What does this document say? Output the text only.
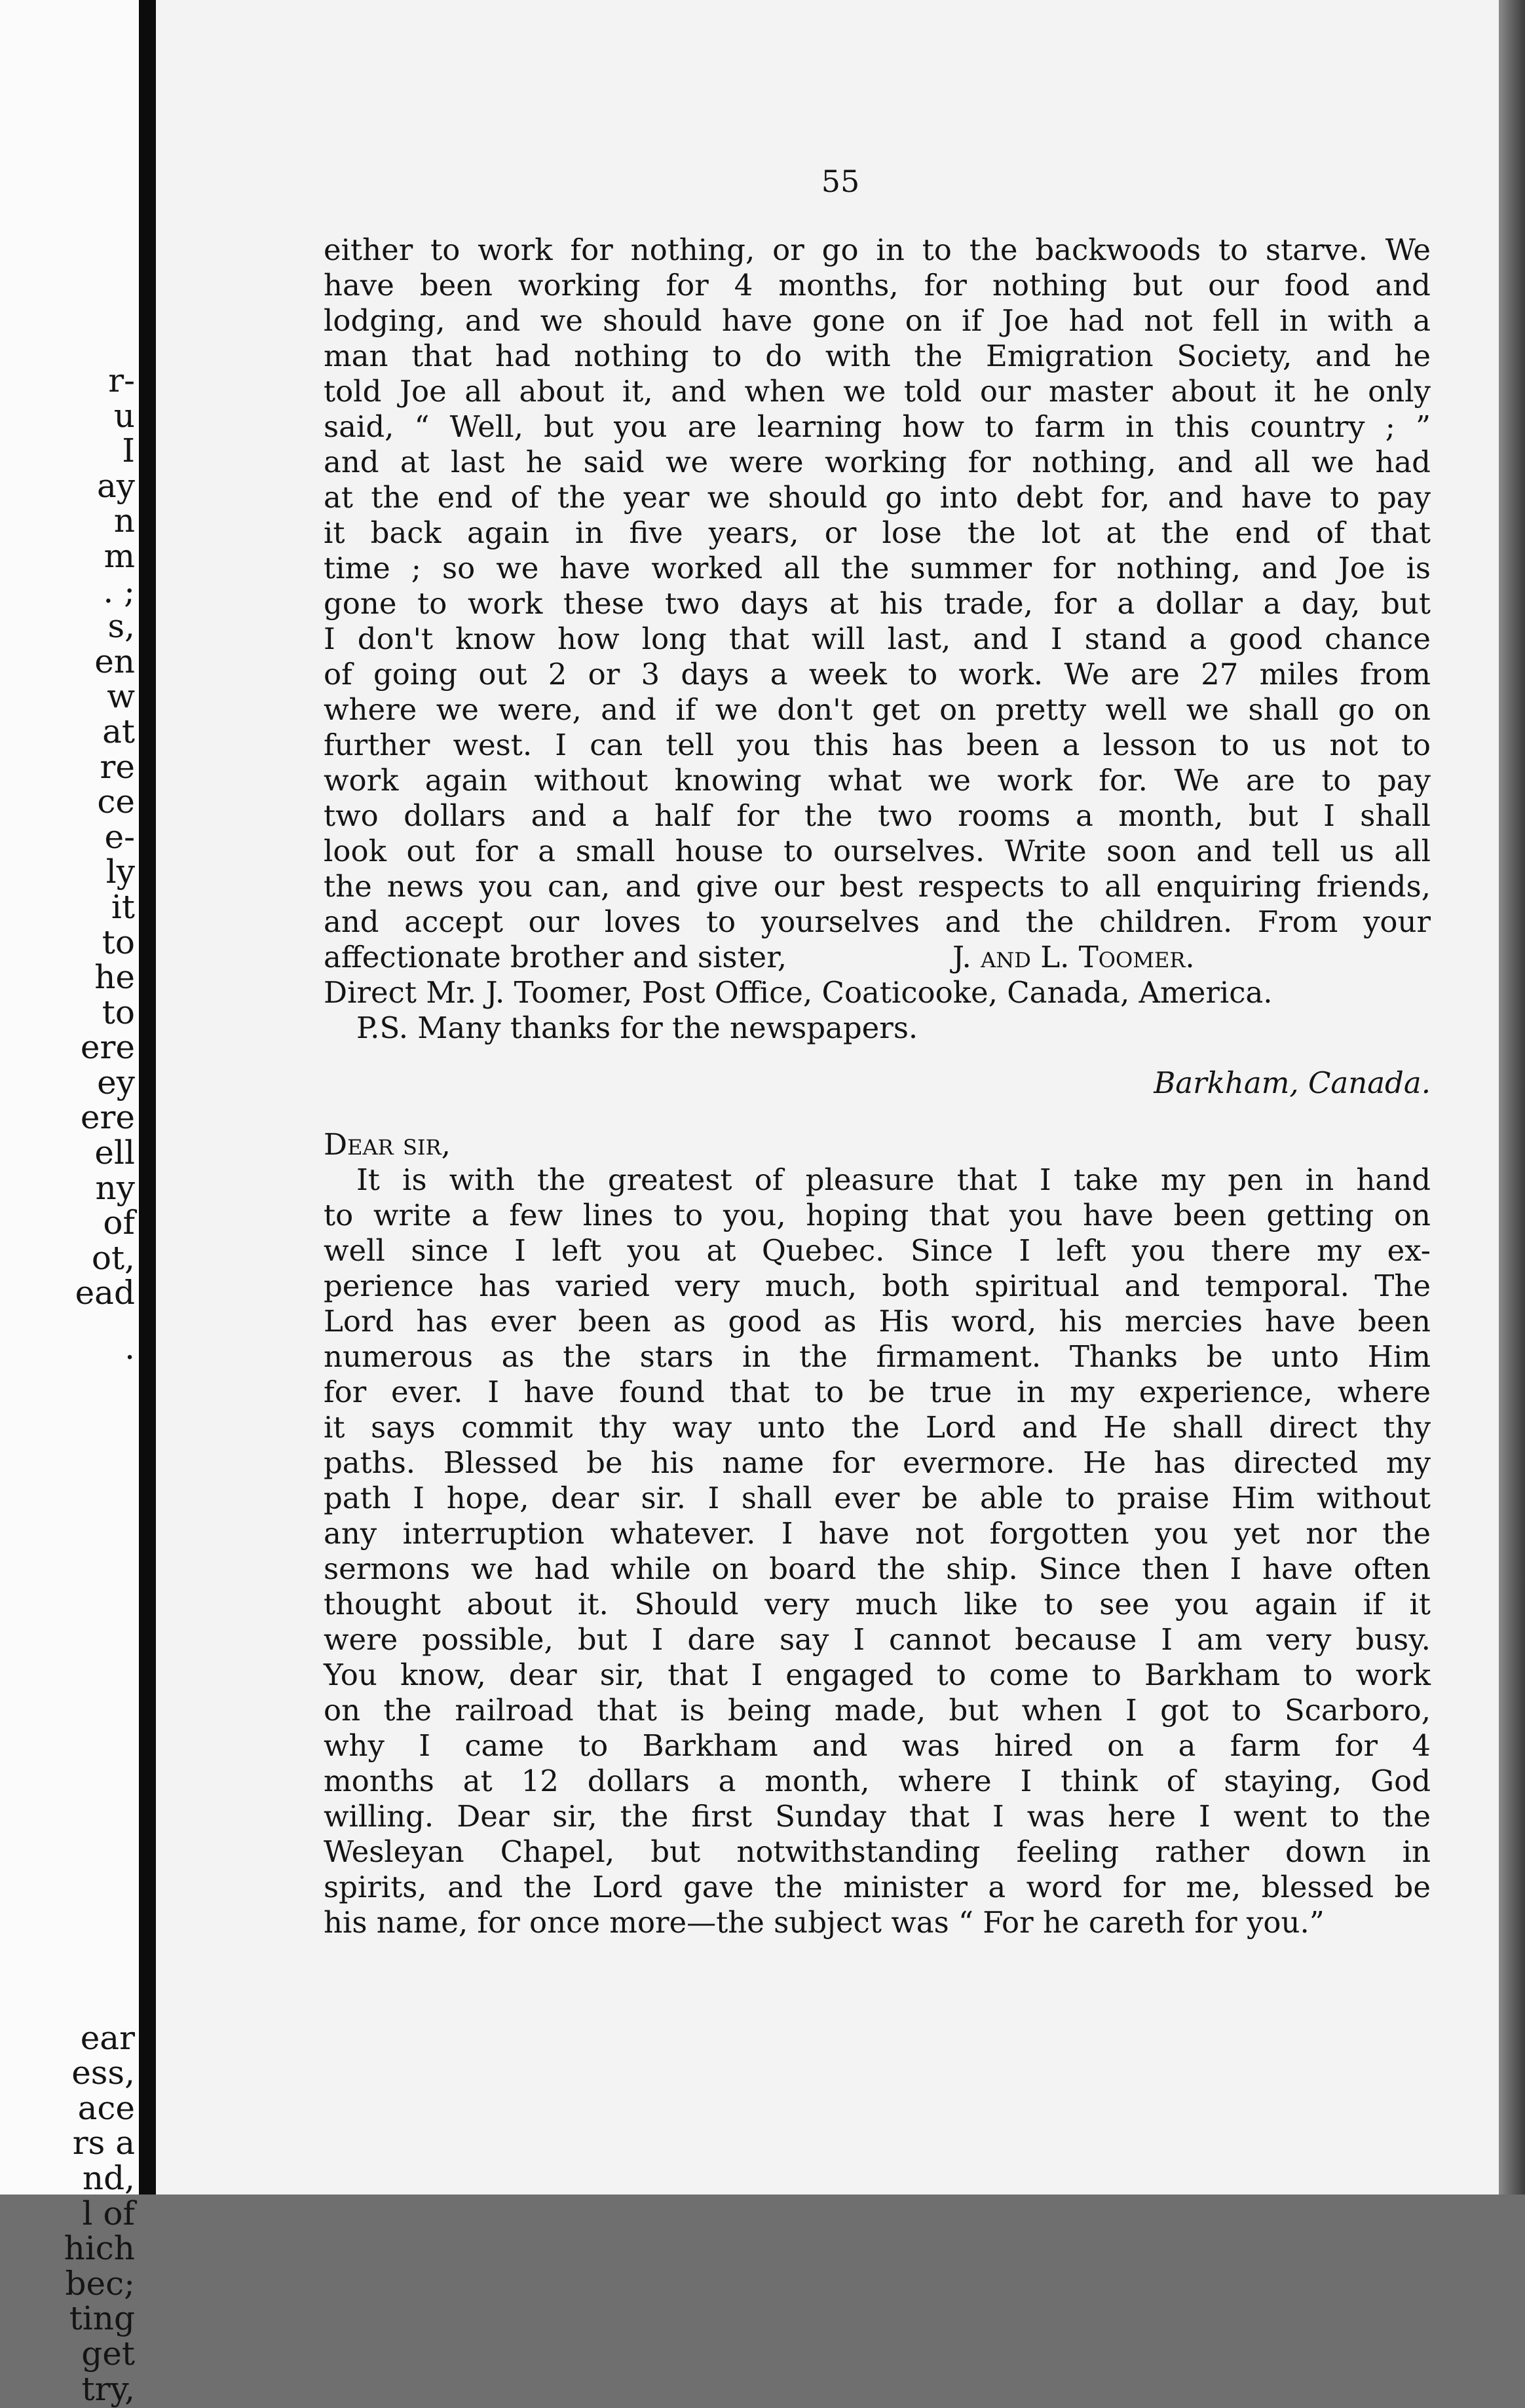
r-
u
I
ay
n
m
. ;
s,
en
w
at
re
ce
e-
ly
it
to
he
to
ere
ey
ere
ell
ny
of
ot,
ead
.
ear
ess,
ace
rs a
nd,
l of
hich
bec;
ting
get
try,
55
either to work for nothing, or go in to the backwoods to starve. We
have been working for 4 months, for nothing but our food and
lodging, and we should have gone on if Joe had not fell in with a
man that had nothing to do with the Emigration Society, and he
told Joe all about it, and when we told our master about it he only
said, “ Well, but you are learning how to farm in this country ; ”
and at last he said we were working for nothing, and all we had
at the end of the year we should go into debt for, and have to pay
it back again in five years, or lose the lot at the end of that
time ; so we have worked all the summer for nothing, and Joe is
gone to work these two days at his trade, for a dollar a day, but
I don't know how long that will last, and I stand a good chance
of going out 2 or 3 days a week to work. We are 27 miles from
where we were, and if we don't get on pretty well we shall go on
further west. I can tell you this has been a lesson to us not to
work again without knowing what we work for. We are to pay
two dollars and a half for the two rooms a month, but I shall
look out for a small house to ourselves. Write soon and tell us all
the news you can, and give our best respects to all enquiring friends,
and accept our loves to yourselves and the children. From your
affectionate brother and sister,	J. and L. Toomer.
Direct Mr. J. Toomer, Post Office, Coaticooke, Canada, America.
P.S. Many thanks for the newspapers.
Barkham, Canada.
Dear sir,
It is with the greatest of pleasure that I take my pen in hand
to write a few lines to you, hoping that you have been getting on
well since I left you at Quebec. Since I left you there my ex-
perience has varied very much, both spiritual and temporal. The
Lord has ever been as good as His word, his mercies have been
numerous as the stars in the firmament. Thanks be unto Him
for ever. I have found that to be true in my experience, where
it says commit thy way unto the Lord and He shall direct thy
paths. Blessed be his name for evermore. He has directed my
path I hope, dear sir. I shall ever be able to praise Him without
any interruption whatever. I have not forgotten you yet nor the
sermons we had while on board the ship. Since then I have often
thought about it. Should very much like to see you again if it
were possible, but I dare say I cannot because I am very busy.
You know, dear sir, that I engaged to come to Barkham to work
on the railroad that is being made, but when I got to Scarboro,
why I came to Barkham and was hired on a farm for 4
months at 12 dollars a month, where I think of staying, God
willing. Dear sir, the first Sunday that I was here I went to the
Wesleyan Chapel, but notwithstanding feeling rather down in
spirits, and the Lord gave the minister a word for me, blessed be
his name, for once more—the subject was “ For he careth for you.”
